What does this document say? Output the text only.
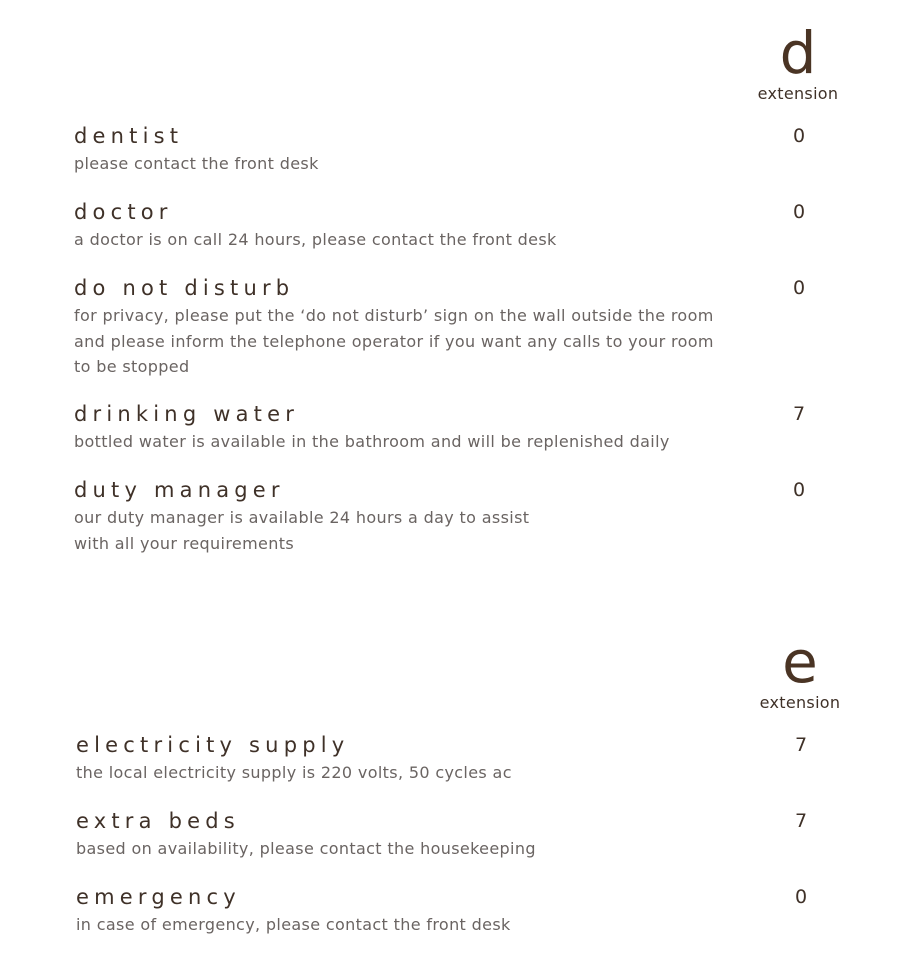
d
extension
dentist
please contact the front desk
0
doctor
a doctor is on call 24 hours, please contact the front desk
0
do not disturb
for privacy, please put the ‘do not disturb’ sign on the wall outside the room
and please inform the telephone operator if you want any calls to your room
to be stopped
0
drinking water
bottled water is available in the bathroom and will be replenished daily
7
duty manager
our duty manager is available 24 hours a day to assist
with all your requirements
0
e
extension
electricity supply
the local electricity supply is 220 volts, 50 cycles ac
7
extra beds
based on availability, please contact the housekeeping
7
emergency
in case of emergency, please contact the front desk
0
